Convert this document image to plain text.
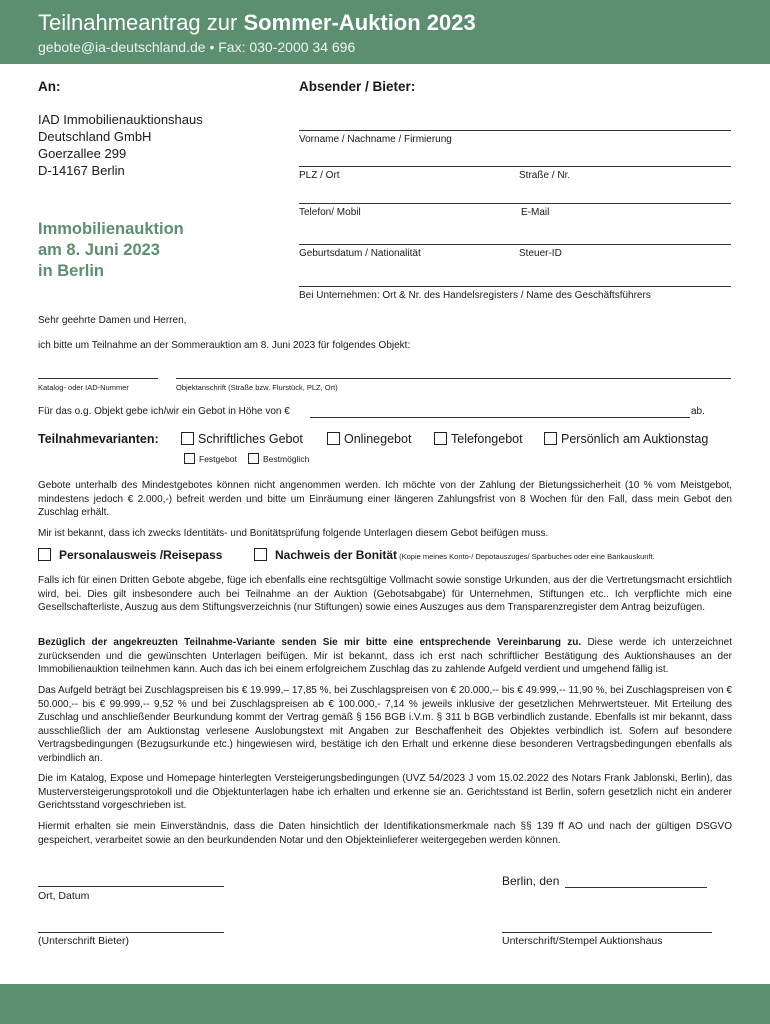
Teilnahmeantrag zur Sommer-Auktion 2023
gebote@ia-deutschland.de • Fax: 030-2000 34 696
An:
IAD Immobilienauktionshaus
Deutschland GmbH
Goerzallee 299
D-14167 Berlin
Immobilienauktion
am 8. Juni 2023
in Berlin
Absender / Bieter:
Vorname / Nachname / Firmierung
PLZ / Ort	Straße / Nr.
Telefon/ Mobil	E-Mail
Geburtsdatum / Nationalität	Steuer-ID
Bei Unternehmen: Ort & Nr. des Handelsregisters / Name des Geschäftsführers
Sehr geehrte Damen und Herren,
ich bitte um Teilnahme an der Sommerauktion am 8. Juni 2023 für folgendes Objekt:
Katalog- oder IAD-Nummer	Objektanschrift (Straße bzw. Flurstück, PLZ, Ort)
Für das o.g. Objekt gebe ich/wir ein Gebot in Höhe von €	ab.
Teilnahmevarianten:	Schriftliches Gebot	Onlinegebot	Telefongebot	Persönlich am Auktionstag
Festgebot	Bestmöglich
Gebote unterhalb des Mindestgebotes können nicht angenommen werden. Ich möchte von der Zahlung der Bietungssicherheit (10 % vom Meistgebot, mindestens jedoch € 2.000,-) befreit werden und bitte um Einräumung einer längeren Zahlungsfrist von 8 Wochen für den Fall, dass mein Gebot den Zuschlag erhält.
Mir ist bekannt, dass ich zwecks Identitäts- und Bonitätsprüfung folgende Unterlagen diesem Gebot beifügen muss.
Personalausweis /Reisepass	Nachweis der Bonität (Kopie meines Konto-/ Depotauszuges/ Sparbuches oder eine Bankauskunft.
Falls ich für einen Dritten Gebote abgebe, füge ich ebenfalls eine rechtsgültige Vollmacht sowie sonstige Urkunden, aus der die Vertretungsmacht ersichtlich wird, bei. Dies gilt insbesondere auch bei Teilnahme an der Auktion (Gebotsabgabe) für Unternehmen, Stiftungen etc.. Ich verpflichte mich eine Gesellschafterliste, Auszug aus dem Stiftungsverzeichnis (nur Stiftungen) sowie eines Auszuges aus dem Transparenzregister dem Antrag beizufügen.
Bezüglich der angekreuzten Teilnahme-Variante senden Sie mir bitte eine entsprechende Vereinbarung zu. Diese werde ich unterzeichnet zurücksenden und die gewünschten Unterlagen beifügen. Mir ist bekannt, dass ich erst nach schriftlicher Bestätigung des Auktionshauses an der Immobilienauktion teilnehmen kann. Auch das ich bei einem erfolgreichem Zuschlag das zu zahlende Aufgeld verdient und umgehend fällig ist.
Das Aufgeld beträgt bei Zuschlagspreisen bis € 19.999,– 17,85 %, bei Zuschlagspreisen von € 20.000,-- bis € 49.999,-- 11,90 %, bei Zuschlagspreisen von € 50.000,-- bis € 99.999,-- 9,52 % und bei Zuschlagspreisen ab € 100.000,- 7,14 % jeweils inklusive der gesetzlichen Mehrwertsteuer. Mit Erteilung des Zuschlag und anschließender Beurkundung kommt der Vertrag gemäß § 156 BGB i.V.m. § 311 b BGB verbindlich zustande. Ebenfalls ist mir bekannt, dass ausschließlich der am Auktionstag verlesene Auslobungstext mit Angaben zur Beschaffenheit des Objektes verbindlich ist. Sofern auf besondere Vertragsbedingungen (Bezugsurkunde etc.) hingewiesen wird, bestätige ich den Erhalt und erkenne diese besonderen Vertragsbedingungen ebenfalls als verbindlich an.
Die im Katalog, Expose und Homepage hinterlegten Versteigerungsbedingungen (UVZ 54/2023 J vom 15.02.2022 des Notars Frank Jablonski, Berlin), das Musterversteigerungsprotokoll und die Objektunterlagen habe ich erhalten und erkenne sie an. Gerichtsstand ist Berlin, sofern gesetzlich nicht ein anderer Gerichtsstand vorgeschrieben ist.
Hiermit erhalten sie mein Einverständnis, dass die Daten hinsichtlich der Identifikationsmerkmale nach §§ 139 ff AO und nach der gültigen DSGVO gespeichert, verarbeitet sowie an den beurkundenden Notar und den Objekteinlieferer weitergegeben werden können.
Ort, Datum
Berlin, den
(Unterschrift Bieter)	Unterschrift/Stempel Auktionshaus
